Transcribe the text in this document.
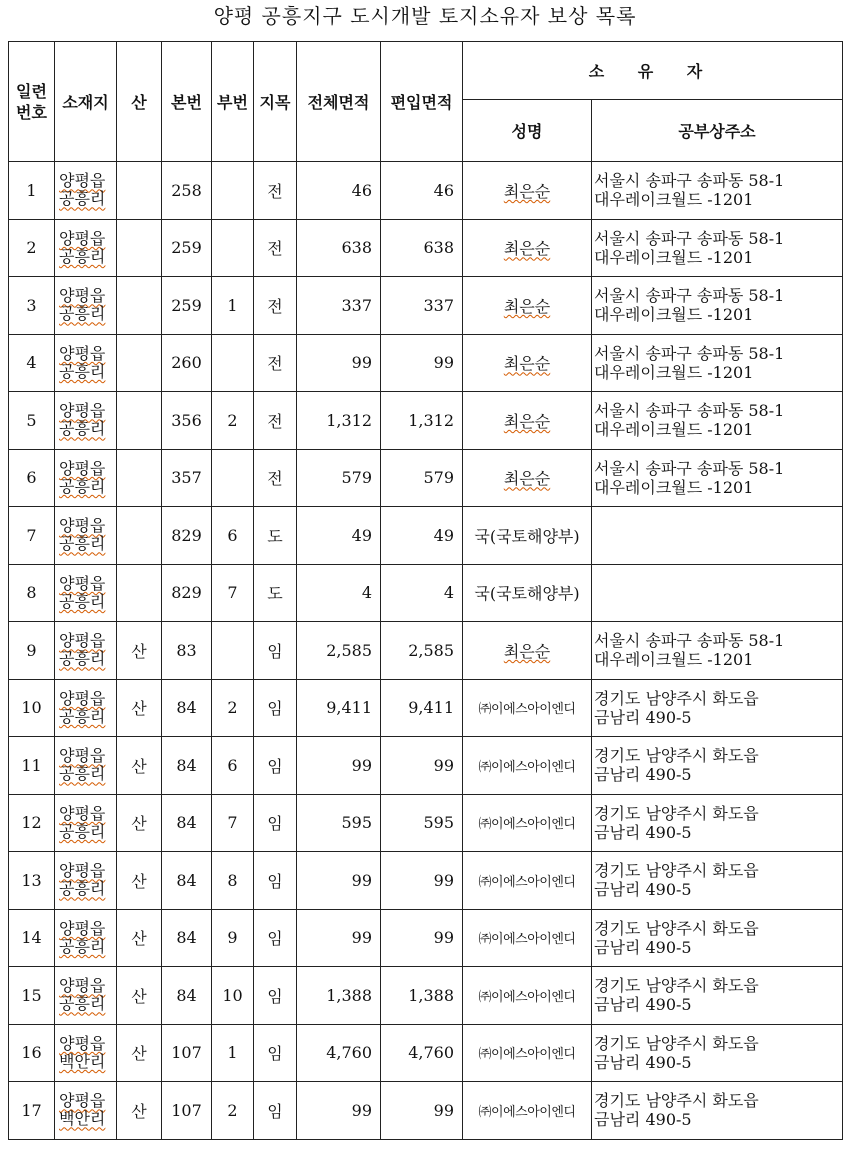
양평 공흥지구 도시개발 토지소유자 보상 목록
일련
번호	소재지	산	본번	부번	지목	전체면적	편입면적	소 유 자	
								성명	공부상주소
1	양평읍
공흥리		258		전	46	46	최은순	서울시 송파구 송파동 58-1
대우레이크월드 -1201

2	양평읍
공흥리		259		전	638	638	최은순	서울시 송파구 송파동 58-1
대우레이크월드 -1201

3	양평읍
공흥리		259	1	전	337	337	최은순	서울시 송파구 송파동 58-1
대우레이크월드 -1201

4	양평읍
공흥리		260		전	99	99	최은순	서울시 송파구 송파동 58-1
대우레이크월드 -1201

5	양평읍
공흥리		356	2	전	1,312	1,312	최은순	서울시 송파구 송파동 58-1
대우레이크월드 -1201

6	양평읍
공흥리		357		전	579	579	최은순	서울시 송파구 송파동 58-1
대우레이크월드 -1201

7	양평읍
공흥리		829	6	도	49	49	국(국토해양부)	

8	양평읍
공흥리		829	7	도	4	4	국(국토해양부)	

9	양평읍
공흥리	산	83		임	2,585	2,585	최은순	서울시 송파구 송파동 58-1
대우레이크월드 -1201

10	양평읍
공흥리	산	84	2	임	9,411	9,411	㈜이에스아이엔디	경기도 남양주시 화도읍
금남리 490-5

11	양평읍
공흥리	산	84	6	임	99	99	㈜이에스아이엔디	경기도 남양주시 화도읍
금남리 490-5

12	양평읍
공흥리	산	84	7	임	595	595	㈜이에스아이엔디	경기도 남양주시 화도읍
금남리 490-5

13	양평읍
공흥리	산	84	8	임	99	99	㈜이에스아이엔디	경기도 남양주시 화도읍
금남리 490-5

14	양평읍
공흥리	산	84	9	임	99	99	㈜이에스아이엔디	경기도 남양주시 화도읍
금남리 490-5

15	양평읍
공흥리	산	84	10	임	1,388	1,388	㈜이에스아이엔디	경기도 남양주시 화도읍
금남리 490-5

16	양평읍
백안리	산	107	1	임	4,760	4,760	㈜이에스아이엔디	경기도 남양주시 화도읍
금남리 490-5

17	양평읍
백안리	산	107	2	임	99	99	㈜이에스아이엔디	경기도 남양주시 화도읍
금남리 490-5
